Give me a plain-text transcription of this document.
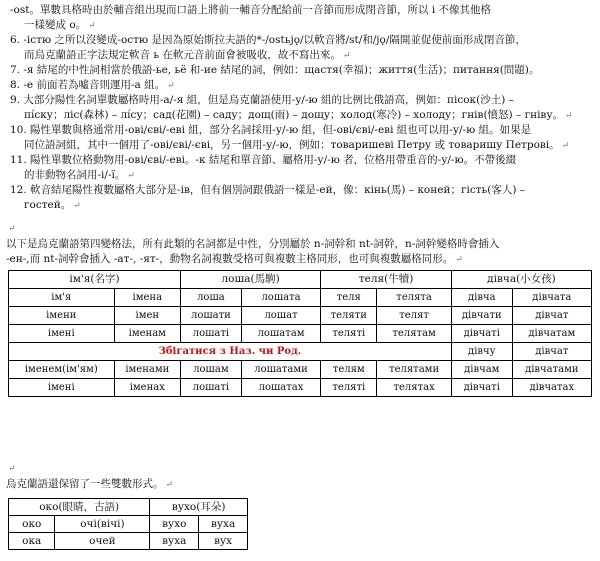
-ost。單數具格時由於輔音組出現而口語上將前一輔音分配給前一音節而形成閉音節，所以 і 不像其他格
一樣變成 о。 ↵
6. -істю 之所以沒變成-остю 是因為原始斯拉夫語的*-/ostьjǫ/以軟音將/st/和/jǫ/隔開並促使前面形成閉音節，
而烏克蘭語正字法規定軟音 ь 在軟元音前面會被吸收，故不寫出來。 ↵
7. -я 結尾的中性詞相當於俄語-ье, ьё 和-ие 結尾的詞，例如：щастя(幸福)；життя(生活)；питання(問題)。
8. -е 前面若為噓音則運用-а 組。 ↵
9. 大部分陽性名詞單數屬格時用-а/-я 組，但是烏克蘭語使用-у/-ю 組的比例比俄語高，例如：пісок(沙土) –
пі́ску；ліс(森林) – лі́су；сад(花園) – саду；дощ(雨) – дощу；холод(寒冷) – холоду；гнів(憤怒) – гніву。 ↵
10. 陽性單數與格通常用-ові/єві/-еві 組，部分名詞採用-у/-ю 組，但-ові/єві/-еві 組也可以用-у/-ю 組。如果是
同位語詞組，其中一個用了-ові/єві/-єві，另一個用-у/-ю，例如：товаришеві Петру 或 товаришу Петрові。 ↵
11. 陽性單數位格動物用-ові/єві/-еві。-к 結尾和單音節、屬格用-у/-ю 者，位格用帶重音的-у/-ю。不帶後綴
的非動物名詞用-і/-ї。 ↵
12. 軟音結尾陽性複數屬格大部分是-ів，但有個別詞跟俄語一樣是-ей，像：кінь(馬) – коней；гість(客人) –
гостей。 ↵
↵
以下是烏克蘭語第四變格法，所有此類的名詞都是中性，分別屬於 n-詞幹和 nt-詞幹，n-詞幹變格時會插入
-ен-,而 nt-詞幹會插入 -ат-, -ят-，動物名詞複數受格可與複數主格同形，也可與複數屬格同形。 ↵
ім'я(名字)		лоша(馬駒)		теля(牛犢)		дівча(小女孩)	
ім'я	імена	лоша	лошата	теля	телята	дівча	дівчата
імени	імен	лошати	лошат	теляти	телят	дівчати	дівчат
імені	іменам	лошаті	лошатам	теляті	телятам	дівчаті	дівчатам
Збігатися з Наз. чи Род.						дівчу	дівчат
іменем(ім'ям)	іменами	лошам	лошатами	телям	телятами	дівчам	дівчатами
імені	іменах	лошаті	лошатах	теляті	телятах	дівчаті	дівчатах
↵
烏克蘭語還保留了一些雙數形式。 ↵
око(眼睛，古語)		вухо(耳朵)	
око	очі(вічі)	вухо	вуха
ока	очей	вуха	вух
